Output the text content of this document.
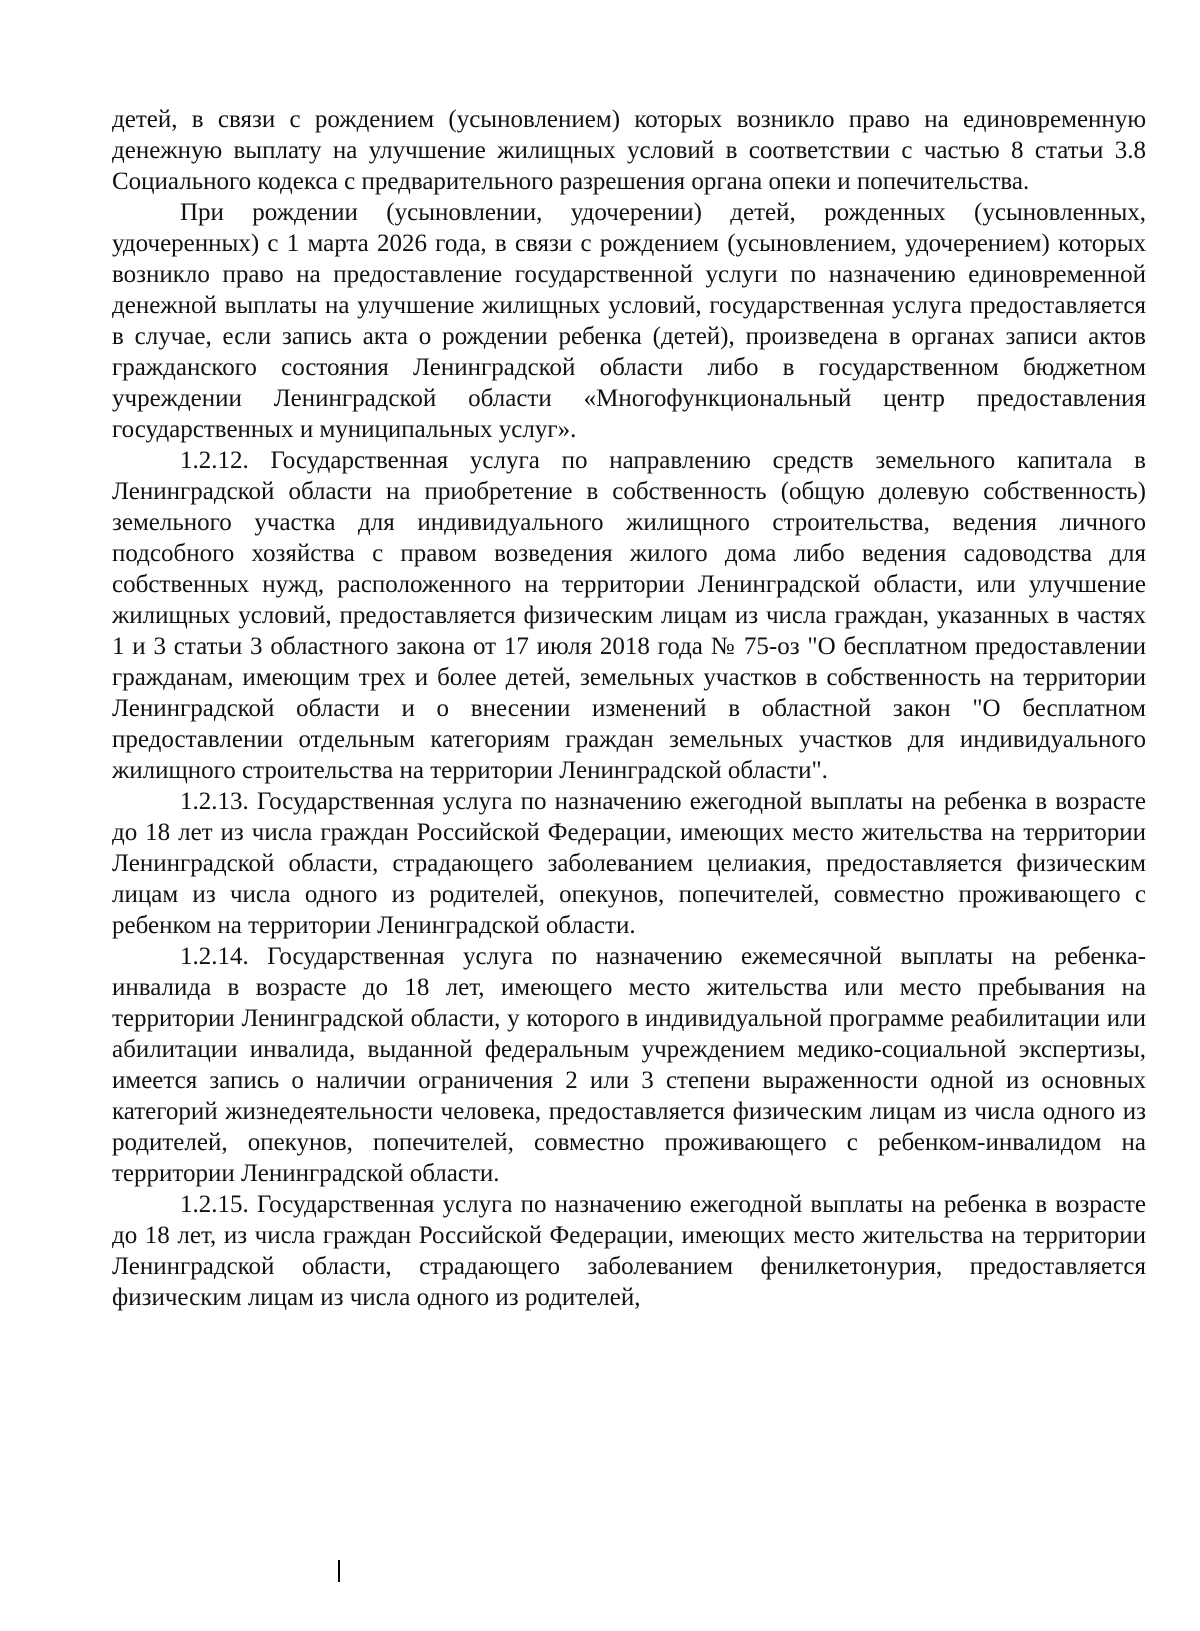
детей, в связи с рождением (усыновлением) которых возникло право на единовременную денежную выплату на улучшение жилищных условий в соответствии с частью 8 статьи 3.8 Социального кодекса с предварительного разрешения органа опеки и попечительства.

При рождении (усыновлении, удочерении) детей, рожденных (усыновленных, удочеренных) с 1 марта 2026 года, в связи с рождением (усыновлением, удочерением) которых возникло право на предоставление государственной услуги по назначению единовременной денежной выплаты на улучшение жилищных условий, государственная услуга предоставляется в случае, если запись акта о рождении ребенка (детей), произведена в органах записи актов гражданского состояния Ленинградской области либо в государственном бюджетном учреждении Ленинградской области «Многофункциональный центр предоставления государственных и муниципальных услуг».

1.2.12. Государственная услуга по направлению средств земельного капитала в Ленинградской области на приобретение в собственность (общую долевую собственность) земельного участка для индивидуального жилищного строительства, ведения личного подсобного хозяйства с правом возведения жилого дома либо ведения садоводства для собственных нужд, расположенного на территории Ленинградской области, или улучшение жилищных условий, предоставляется физическим лицам из числа граждан, указанных в частях 1 и 3 статьи 3 областного закона от 17 июля 2018 года № 75-оз "О бесплатном предоставлении гражданам, имеющим трех и более детей, земельных участков в собственность на территории Ленинградской области и о внесении изменений в областной закон "О бесплатном предоставлении отдельным категориям граждан земельных участков для индивидуального жилищного строительства на территории Ленинградской области".

1.2.13. Государственная услуга по назначению ежегодной выплаты на ребенка в возрасте до 18 лет из числа граждан Российской Федерации, имеющих место жительства на территории Ленинградской области, страдающего заболеванием целиакия, предоставляется физическим лицам из числа одного из родителей, опекунов, попечителей, совместно проживающего с ребенком на территории Ленинградской области.

1.2.14. Государственная услуга по назначению ежемесячной выплаты на ребенка-инвалида в возрасте до 18 лет, имеющего место жительства или место пребывания на территории Ленинградской области, у которого в индивидуальной программе реабилитации или абилитации инвалида, выданной федеральным учреждением медико-социальной экспертизы, имеется запись о наличии ограничения 2 или 3 степени выраженности одной из основных категорий жизнедеятельности человека, предоставляется физическим лицам из числа одного из родителей, опекунов, попечителей, совместно проживающего с ребенком-инвалидом на территории Ленинградской области.

1.2.15. Государственная услуга по назначению ежегодной выплаты на ребенка в возрасте до 18 лет, из числа граждан Российской Федерации, имеющих место жительства на территории Ленинградской области, страдающего заболеванием фенилкетонурия, предоставляется физическим лицам из числа одного из родителей,
